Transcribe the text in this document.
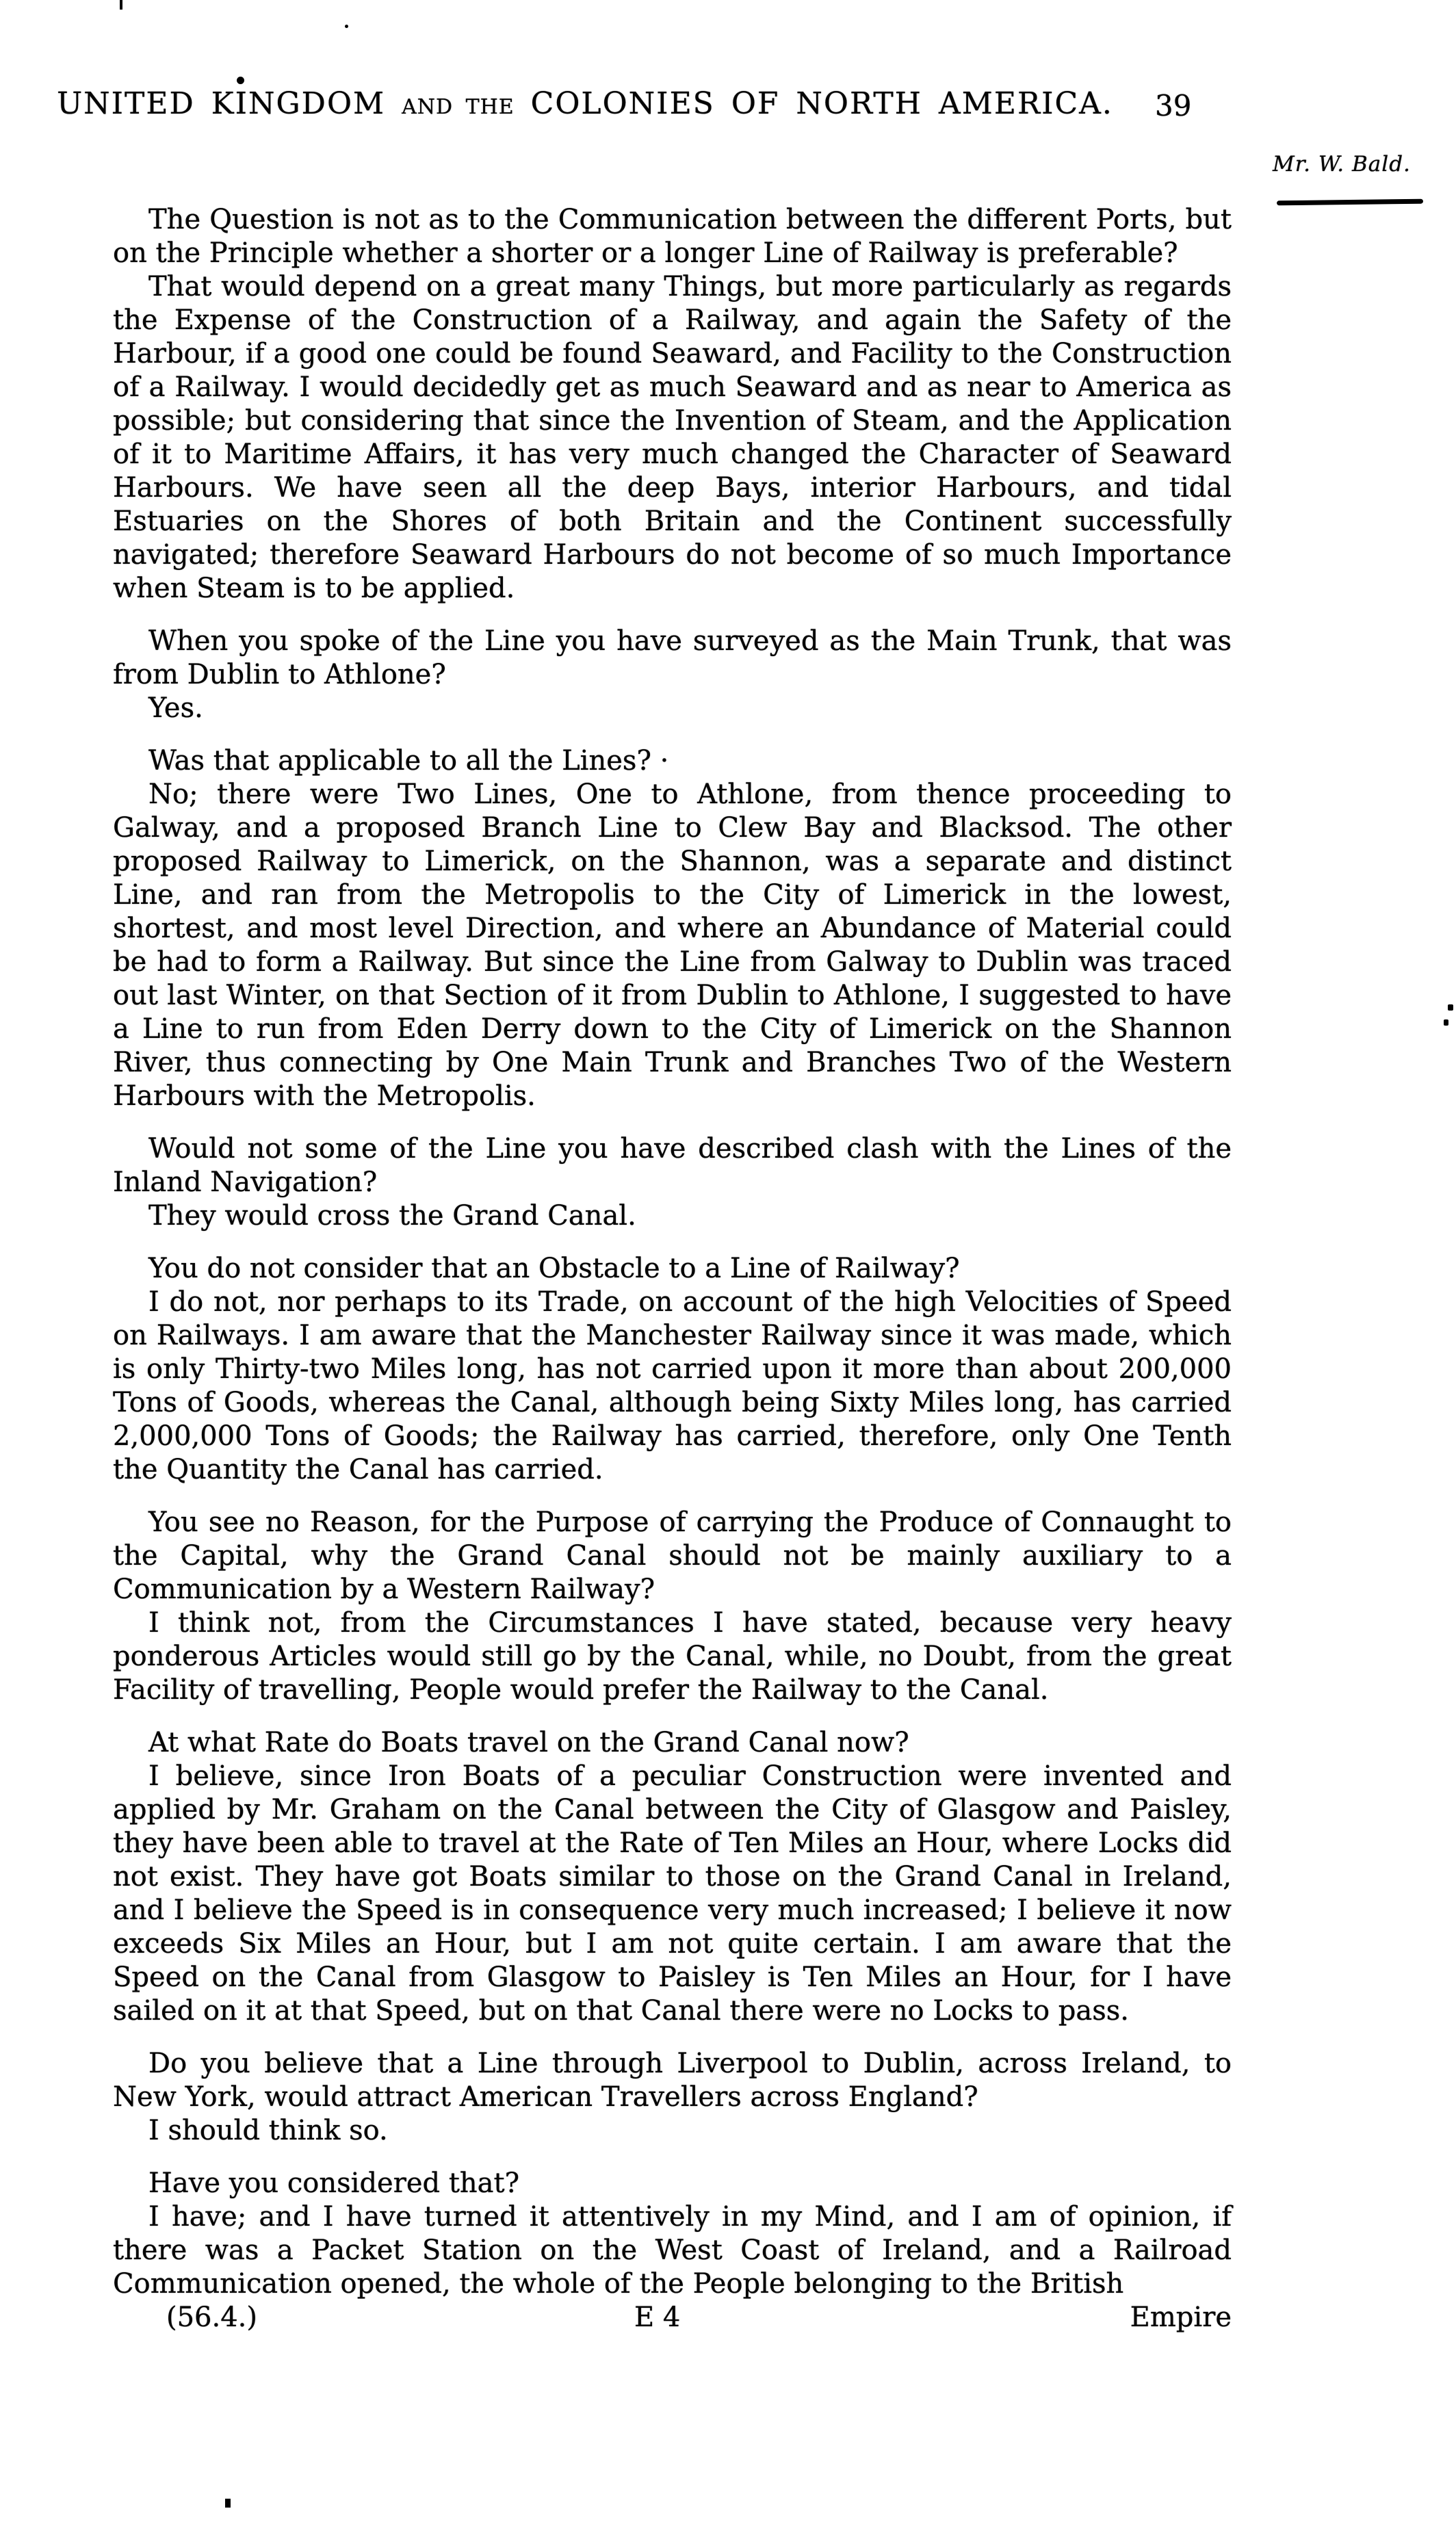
UNITED KINGDOM AND THE COLONIES OF NORTH AMERICA.	39
Mr. W. Bald.

The Question is not as to the Communication between the different Ports, but on the Principle whether a shorter or a longer Line of Railway is preferable?

That would depend on a great many Things, but more particularly as regards the Expense of the Construction of a Railway, and again the Safety of the Harbour, if a good one could be found Seaward, and Facility to the Construction of a Railway. I would decidedly get as much Seaward and as near to America as possible; but considering that since the Invention of Steam, and the Application of it to Maritime Affairs, it has very much changed the Character of Seaward Harbours. We have seen all the deep Bays, interior Harbours, and tidal Estuaries on the Shores of both Britain and the Continent successfully navigated; therefore Seaward Harbours do not become of so much Importance when Steam is to be applied.

When you spoke of the Line you have surveyed as the Main Trunk, that was from Dublin to Athlone?

Yes.

Was that applicable to all the Lines? ·

No; there were Two Lines, One to Athlone, from thence proceeding to Galway, and a proposed Branch Line to Clew Bay and Blacksod. The other proposed Railway to Limerick, on the Shannon, was a separate and distinct Line, and ran from the Metropolis to the City of Limerick in the lowest, shortest, and most level Direction, and where an Abundance of Material could be had to form a Railway. But since the Line from Galway to Dublin was traced out last Winter, on that Section of it from Dublin to Athlone, I suggested to have a Line to run from Eden Derry down to the City of Limerick on the Shannon River, thus connecting by One Main Trunk and Branches Two of the Western Harbours with the Metropolis.

Would not some of the Line you have described clash with the Lines of the Inland Navigation?

They would cross the Grand Canal.

You do not consider that an Obstacle to a Line of Railway?

I do not, nor perhaps to its Trade, on account of the high Velocities of Speed on Railways. I am aware that the Manchester Railway since it was made, which is only Thirty-two Miles long, has not carried upon it more than about 200,000 Tons of Goods, whereas the Canal, although being Sixty Miles long, has carried 2,000,000 Tons of Goods; the Railway has carried, therefore, only One Tenth the Quantity the Canal has carried.

You see no Reason, for the Purpose of carrying the Produce of Connaught to the Capital, why the Grand Canal should not be mainly auxiliary to a Communication by a Western Railway?

I think not, from the Circumstances I have stated, because very heavy ponderous Articles would still go by the Canal, while, no Doubt, from the great Facility of travelling, People would prefer the Railway to the Canal.

At what Rate do Boats travel on the Grand Canal now?

I believe, since Iron Boats of a peculiar Construction were invented and applied by Mr. Graham on the Canal between the City of Glasgow and Paisley, they have been able to travel at the Rate of Ten Miles an Hour, where Locks did not exist. They have got Boats similar to those on the Grand Canal in Ireland, and I believe the Speed is in consequence very much increased; I believe it now exceeds Six Miles an Hour, but I am not quite certain. I am aware that the Speed on the Canal from Glasgow to Paisley is Ten Miles an Hour, for I have sailed on it at that Speed, but on that Canal there were no Locks to pass.

Do you believe that a Line through Liverpool to Dublin, across Ireland, to New York, would attract American Travellers across England?

I should think so.

Have you considered that?

I have; and I have turned it attentively in my Mind, and I am of opinion, if there was a Packet Station on the West Coast of Ireland, and a Railroad Communication opened, the whole of the People belonging to the British

(56.4.)	E 4	Empire
